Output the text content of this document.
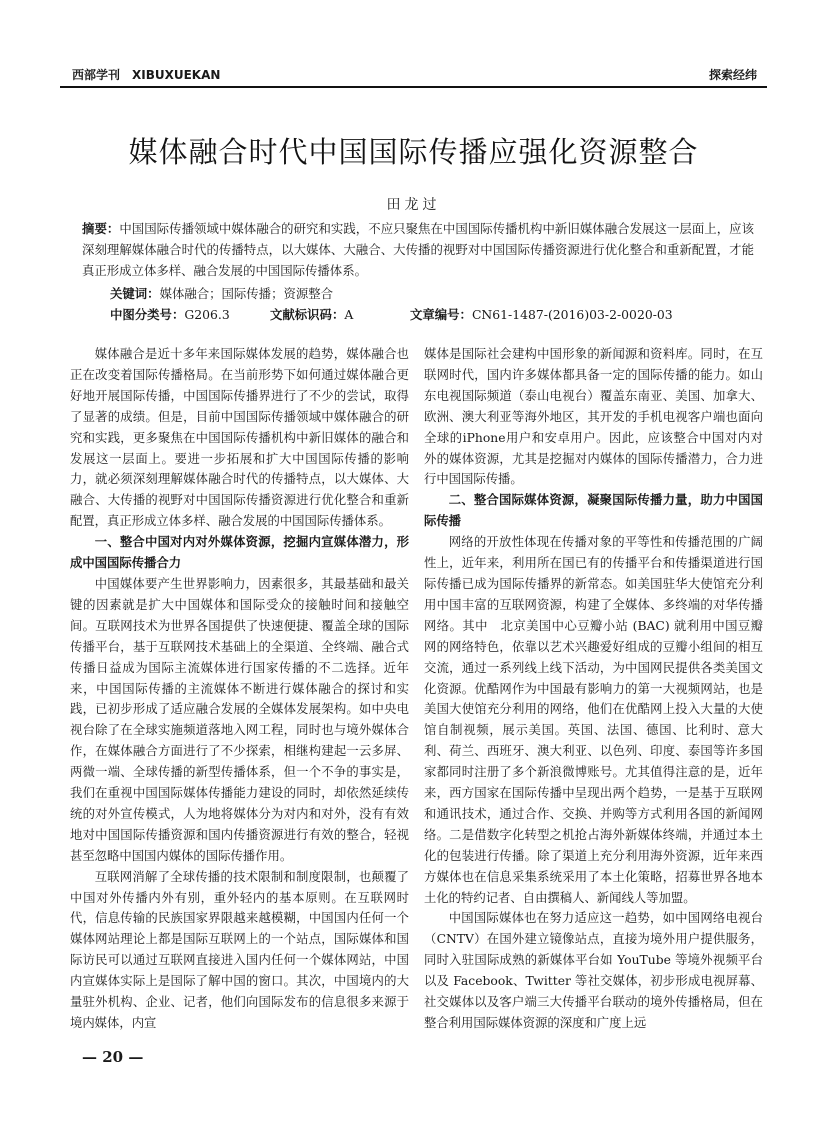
西部学刊　XIBUXUEKAN	探索经纬
媒体融合时代中国国际传播应强化资源整合
田龙过
摘要：中国国际传播领域中媒体融合的研究和实践，不应只聚焦在中国国际传播机构中新旧媒体融合发展这一层面上，应该深刻理解媒体融合时代的传播特点，以大媒体、大融合、大传播的视野对中国国际传播资源进行优化整合和重新配置，才能真正形成立体多样、融合发展的中国国际传播体系。
关键词：媒体融合；国际传播；资源整合
中图分类号：G206.3	文献标识码：A	文章编号：CN61-1487-(2016)03-2-0020-03

媒体融合是近十多年来国际媒体发展的趋势，媒体融合也正在改变着国际传播格局。在当前形势下如何通过媒体融合更好地开展国际传播，中国国际传播界进行了不少的尝试，取得了显著的成绩。但是，目前中国国际传播领域中媒体融合的研究和实践，更多聚焦在中国国际传播机构中新旧媒体的融合和发展这一层面上。要进一步拓展和扩大中国国际传播的影响力，就必须深刻理解媒体融合时代的传播特点，以大媒体、大融合、大传播的视野对中国国际传播资源进行优化整合和重新配置，真正形成立体多样、融合发展的中国国际传播体系。

一、整合中国对内对外媒体资源，挖掘内宣媒体潜力，形成中国国际传播合力

中国媒体要产生世界影响力，因素很多，其最基础和最关键的因素就是扩大中国媒体和国际受众的接触时间和接触空间。互联网技术为世界各国提供了快速便捷、覆盖全球的国际传播平台，基于互联网技术基础上的全渠道、全终端、融合式传播日益成为国际主流媒体进行国家传播的不二选择。近年来，中国国际传播的主流媒体不断进行媒体融合的探讨和实践，已初步形成了适应融合发展的全媒体发展架构。如中央电视台除了在全球实施频道落地入网工程，同时也与境外媒体合作，在媒体融合方面进行了不少探索，相继构建起一云多屏、两微一端、全球传播的新型传播体系，但一个不争的事实是，我们在重视中国国际媒体传播能力建设的同时，却依然延续传统的对外宣传模式，人为地将媒体分为对内和对外，没有有效地对中国国际传播资源和国内传播资源进行有效的整合，轻视甚至忽略中国国内媒体的国际传播作用。

互联网消解了全球传播的技术限制和制度限制，也颠覆了中国对外传播内外有别，重外轻内的基本原则。在互联网时代，信息传输的民族国家界限越来越模糊，中国国内任何一个媒体网站理论上都是国际互联网上的一个站点，国际媒体和国际访民可以通过互联网直接进入国内任何一个媒体网站，中国内宣媒体实际上是国际了解中国的窗口。其次，中国境内的大量驻外机构、企业、记者，他们向国际发布的信息很多来源于境内媒体，内宣

媒体是国际社会建构中国形象的新闻源和资料库。同时，在互联网时代，国内许多媒体都具备一定的国际传播的能力。如山东电视国际频道（泰山电视台）覆盖东南亚、美国、加拿大、欧洲、澳大利亚等海外地区，其开发的手机电视客户端也面向全球的iPhone用户和安卓用户。因此，应该整合中国对内对外的媒体资源，尤其是挖掘对内媒体的国际传播潜力，合力进行中国国际传播。

二、整合国际媒体资源，凝聚国际传播力量，助力中国国际传播

网络的开放性体现在传播对象的平等性和传播范围的广阔性上，近年来，利用所在国已有的传播平台和传播渠道进行国际传播已成为国际传播界的新常态。如美国驻华大使馆充分利用中国丰富的互联网资源，构建了全媒体、多终端的对华传播网络。其中　北京美国中心豆瓣小站 (BAC) 就利用中国豆瓣网的网络特色，依靠以艺术兴趣爱好组成的豆瓣小组间的相互交流，通过一系列线上线下活动，为中国网民提供各类美国文化资源。优酷网作为中国最有影响力的第一大视频网站，也是美国大使馆充分利用的网络，他们在优酷网上投入大量的大使馆自制视频，展示美国。英国、法国、德国、比利时、意大利、荷兰、西班牙、澳大利亚、以色列、印度、泰国等许多国家都同时注册了多个新浪微博账号。尤其值得注意的是，近年来，西方国家在国际传播中呈现出两个趋势，一是基于互联网和通讯技术，通过合作、交换、并购等方式利用各国的新闻网络。二是借数字化转型之机抢占海外新媒体终端，并通过本土化的包装进行传播。除了渠道上充分利用海外资源，近年来西方媒体也在信息采集系统采用了本土化策略，招募世界各地本土化的特约记者、自由撰稿人、新闻线人等加盟。

中国国际媒体也在努力适应这一趋势，如中国网络电视台（CNTV）在国外建立镜像站点，直接为境外用户提供服务，同时入驻国际成熟的新媒体平台如 YouTube 等境外视频平台以及 Facebook、Twitter 等社交媒体，初步形成电视屏幕、社交媒体以及客户端三大传播平台联动的境外传播格局，但在整合利用国际媒体资源的深度和广度上远

— 20 —
